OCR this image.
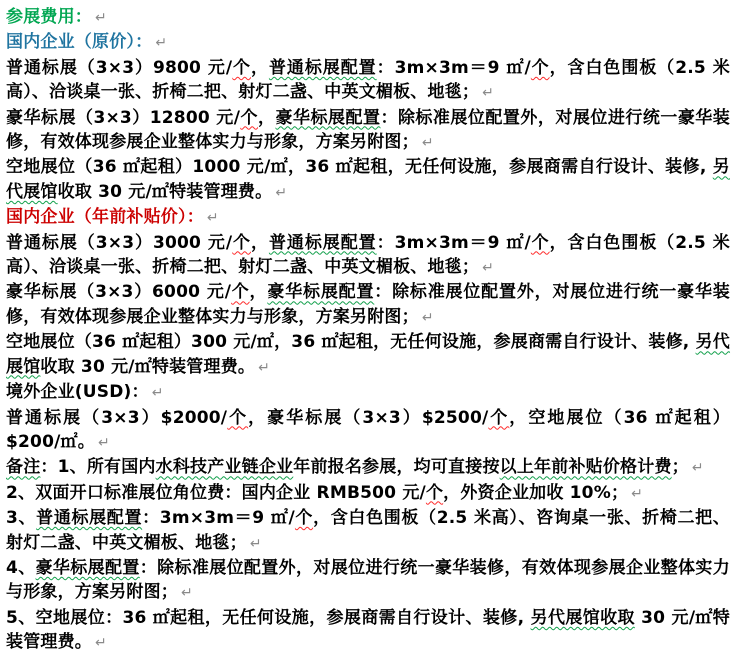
参展费用： ↵

国内企业（原价）： ↵

普通标展（3×3）9800 元/个，普通标展配置：3m×3m＝9 ㎡/个，含白色围板（2.5 米高）、洽谈桌一张、折椅二把、射灯二盏、中英文楣板、地毯； ↵

豪华标展（3×3）12800 元/个，豪华标展配置：除标准展位配置外，对展位进行统一豪华装修，有效体现参展企业整体实力与形象，方案另附图； ↵

空地展位（36 ㎡起租）1000 元/㎡，36 ㎡起租，无任何设施，参展商需自行设计、装修, 另代展馆收取 30 元/㎡特装管理费。 ↵

国内企业（年前补贴价）： ↵

普通标展（3×3）3000 元/个，普通标展配置：3m×3m＝9 ㎡/个，含白色围板（2.5 米高）、洽谈桌一张、折椅二把、射灯二盏、中英文楣板、地毯； ↵

豪华标展（3×3）6000 元/个，豪华标展配置：除标准展位配置外，对展位进行统一豪华装修，有效体现参展企业整体实力与形象，方案另附图； ↵

空地展位（36 ㎡起租）300 元/㎡，36 ㎡起租，无任何设施，参展商需自行设计、装修, 另代展馆收取 30 元/㎡特装管理费。 ↵

境外企业(USD)： ↵

普通标展（3×3）$2000/个，豪华标展（3×3）$2500/个，空地展位（36 ㎡起租）$200/㎡。 ↵

备注：1、所有国内水科技产业链企业年前报名参展，均可直接按以上年前补贴价格计费； ↵

2、双面开口标准展位角位费：国内企业 RMB500 元/个，外资企业加收 10%； ↵

3、普通标展配置：3m×3m＝9 ㎡/个，含白色围板（2.5 米高）、咨询桌一张、折椅二把、射灯二盏、中英文楣板、地毯； ↵

4、豪华标展配置：除标准展位配置外，对展位进行统一豪华装修，有效体现参展企业整体实力与形象，方案另附图； ↵

5、空地展位：36 ㎡起租，无任何设施，参展商需自行设计、装修, 另代展馆收取 30 元/㎡特装管理费。 ↵
